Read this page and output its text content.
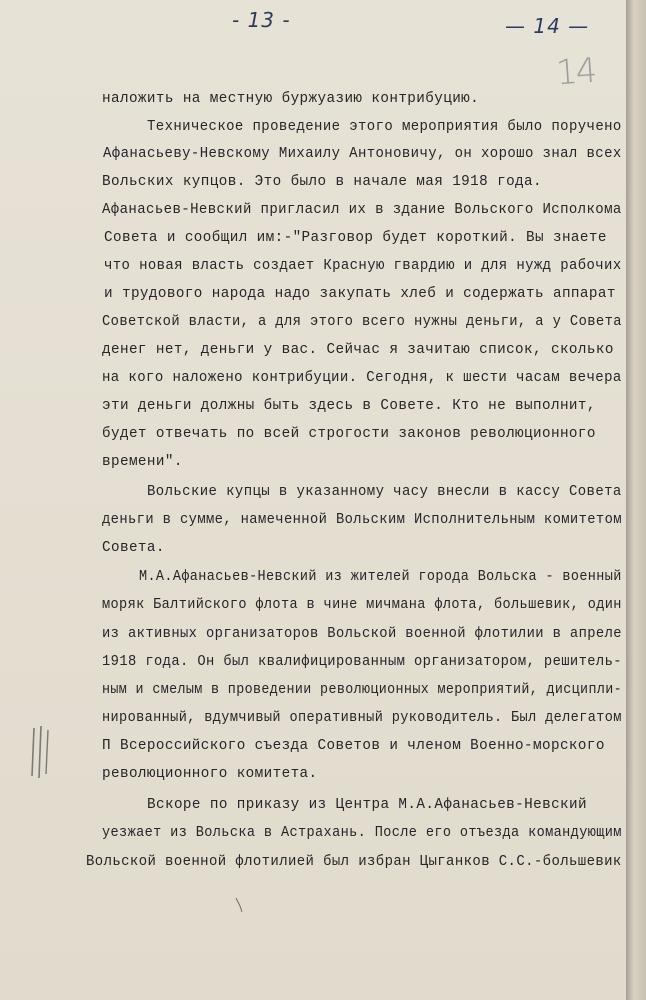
- 13 -	— 14 —
14
наложить на местную буржуазию контрибуцию.
Техническое проведение этого мероприятия было поручено
Афанасьеву-Невскому Михаилу Антоновичу, он хорошо знал всех
Вольских купцов. Это было в начале мая 1918 года.
Афанасьев-Невский пригласил их в здание Вольского Исполкома
Совета и сообщил им:-"Разговор будет короткий. Вы знаете
что новая власть создает Красную гвардию и для нужд рабочих
и трудового народа надо закупать хлеб и содержать аппарат
Советской власти, а для этого всего нужны деньги, а у Совета
денег нет, деньги у вас. Сейчас я зачитаю список, сколько
на кого наложено контрибуции. Сегодня, к шести часам вечера
эти деньги должны быть здесь в Совете. Кто не выполнит,
будет отвечать по всей строгости законов революционного
времени".
Вольские купцы в указанному часу внесли в кассу Совета
деньги в сумме, намеченной Вольским Исполнительным комитетом
Совета.
М.А.Афанасьев-Невский из жителей города Вольска - военный
моряк Балтийского флота в чине мичмана флота, большевик, один
из активных организаторов Вольской военной флотилии в апреле
1918 года. Он был квалифицированным организатором, решитель-
ным и смелым в проведении революционных мероприятий, дисципли-
нированный, вдумчивый оперативный руководитель. Был делегатом
П Всероссийского съезда Советов и членом Военно-морского
революционного комитета.
Вскоре по приказу из Центра М.А.Афанасьев-Невский
уезжает из Вольска в Астрахань. После его отъезда командующим
Вольской военной флотилией был избран Цыганков С.С.-большевик
